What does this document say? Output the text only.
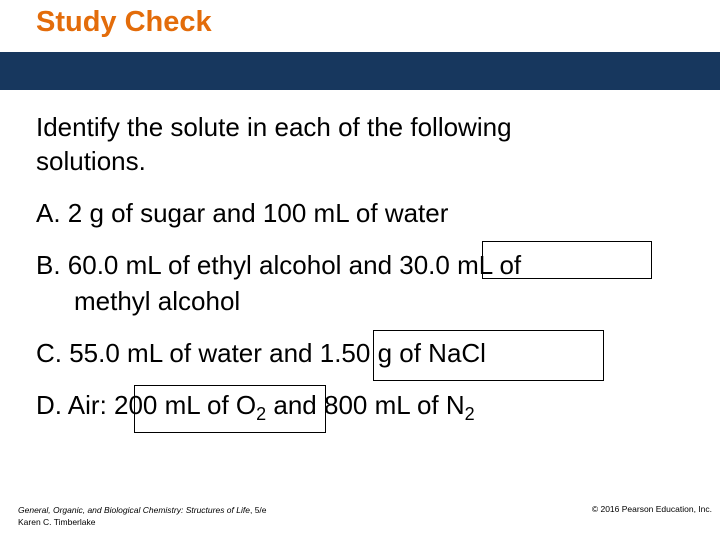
Study Check
Identify the solute in each of the following
solutions.
A. 2 g of sugar and 100 mL of water
B. 60.0 mL of ethyl alcohol and 30.0 mL of
methyl alcohol
C. 55.0 mL of water and 1.50 g of NaCl
D. Air: 200 mL of $O_2$ and 800 mL of $N_2$
General, Organic, and Biological Chemistry: Structures of Life, 5/e
Karen C. Timberlake
© 2016 Pearson Education, Inc.
